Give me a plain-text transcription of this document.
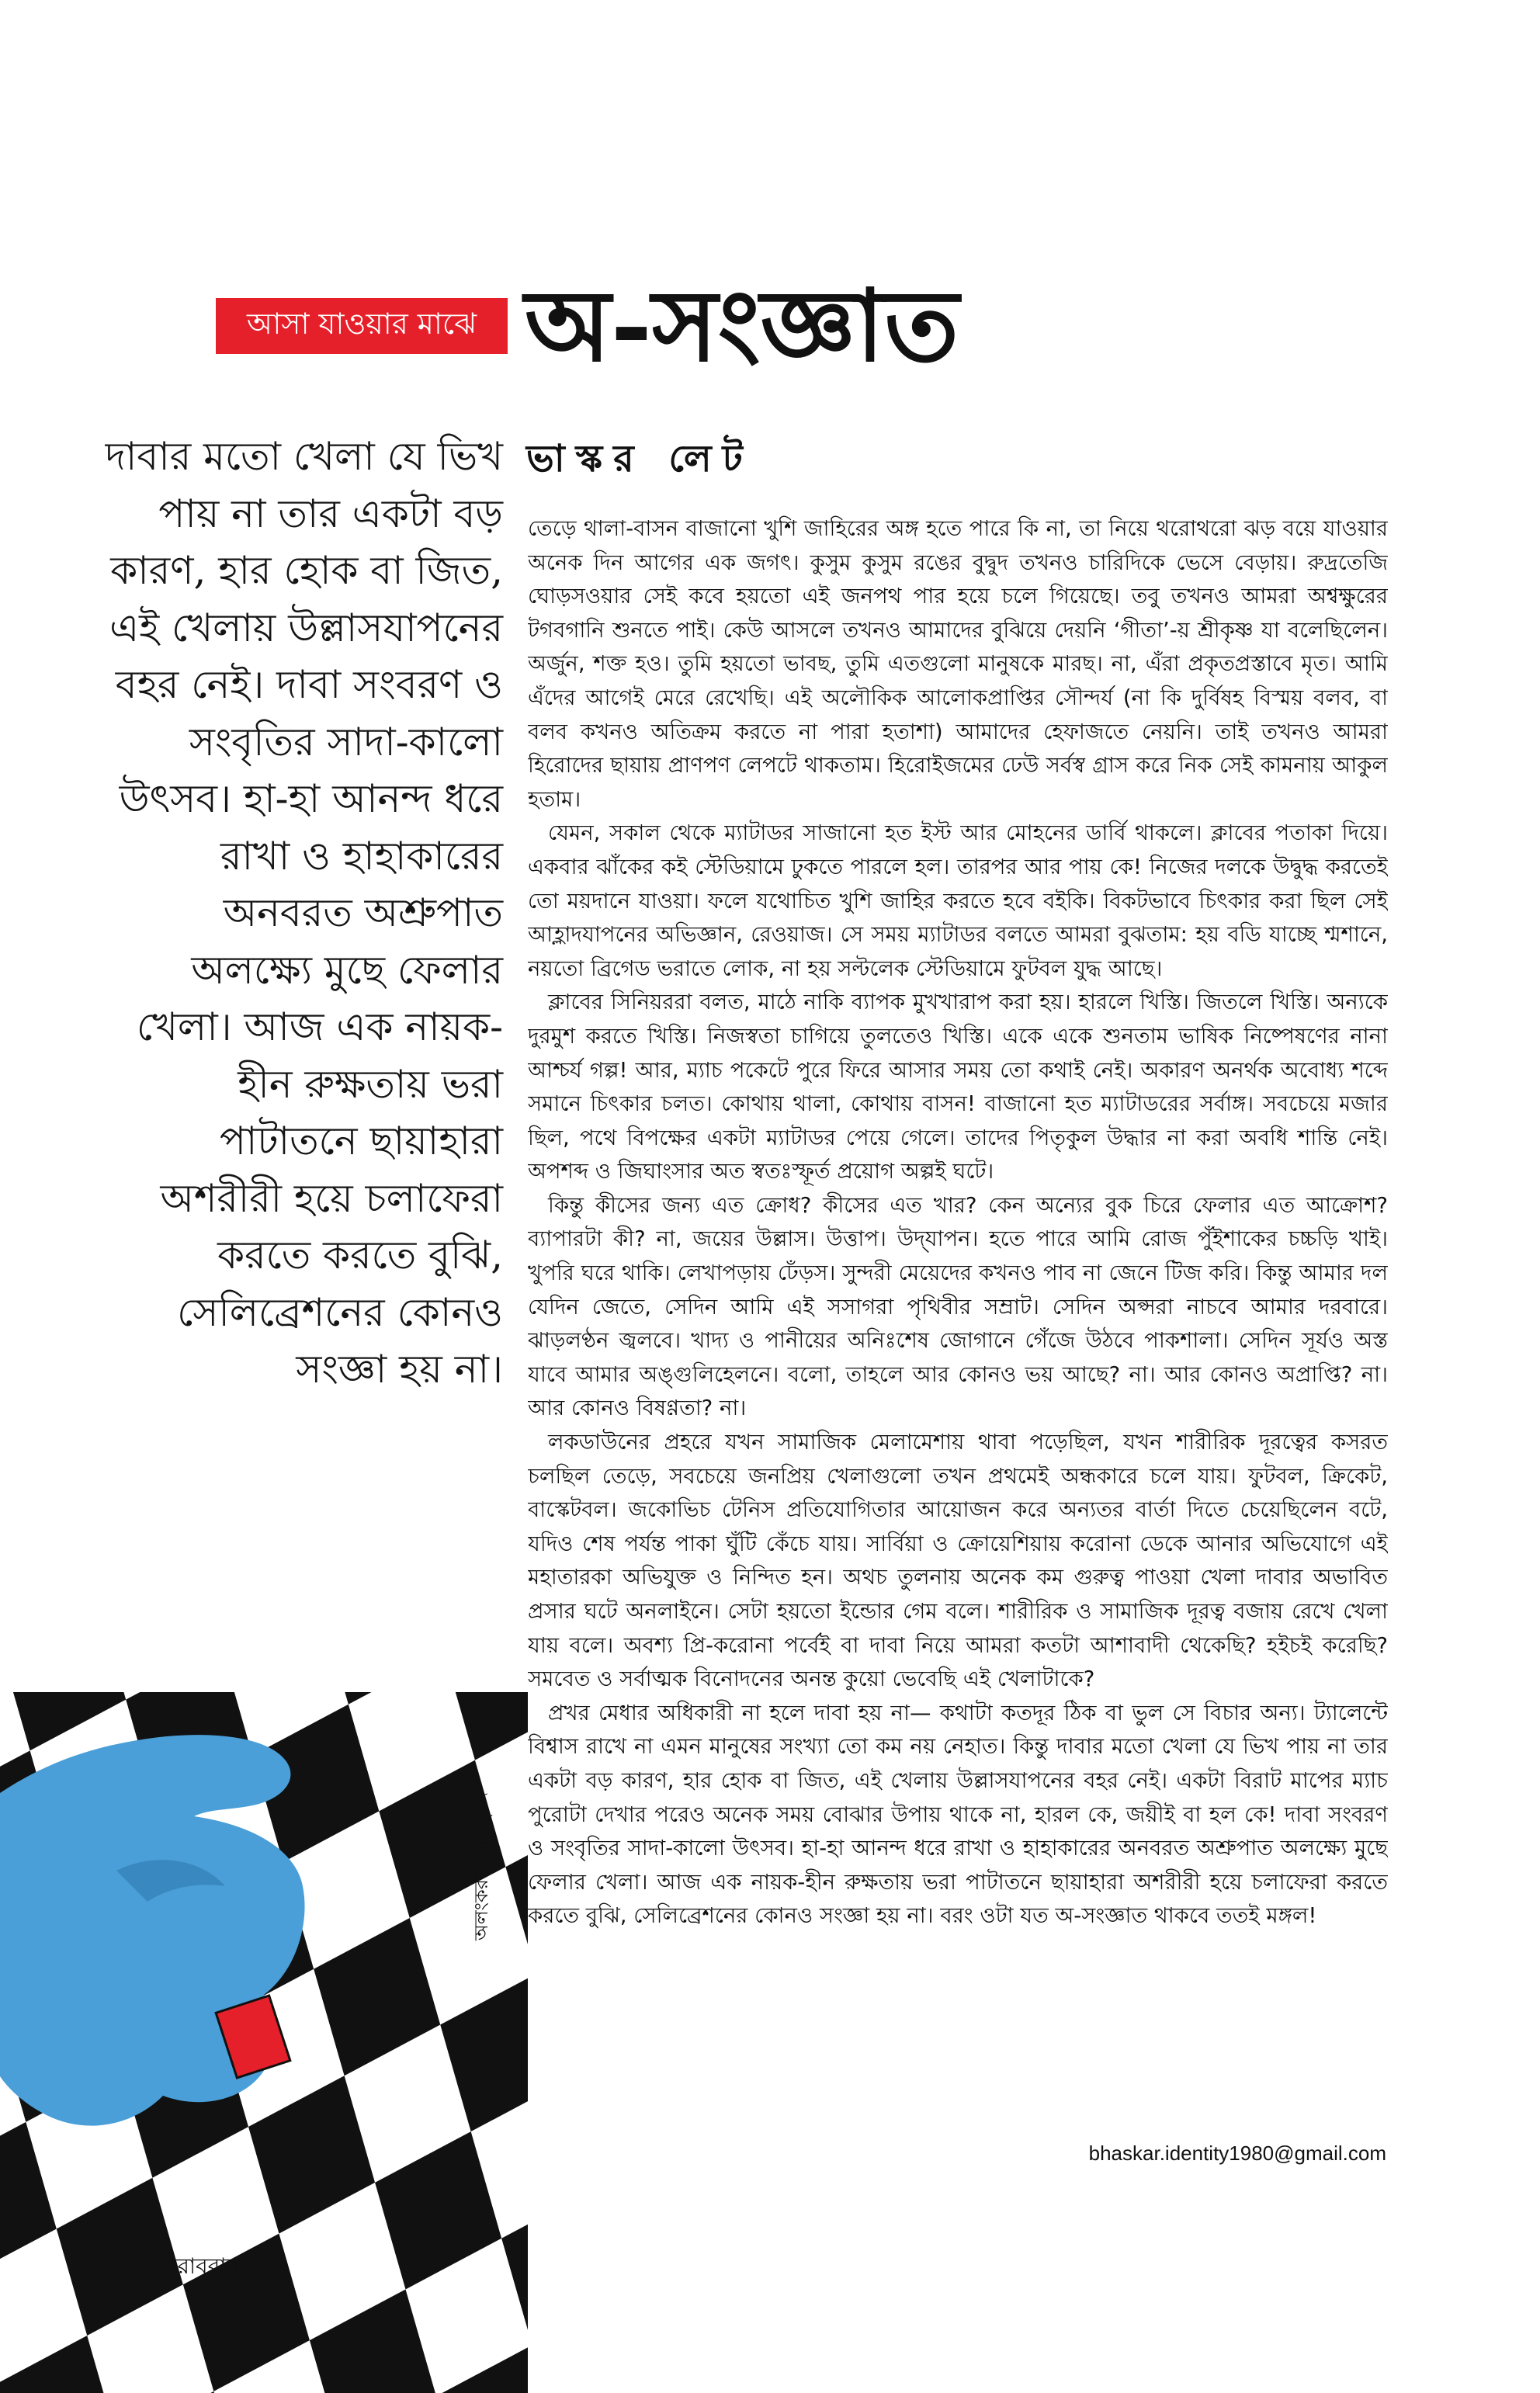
আসা যাওয়ার মাঝে অ-সংজ্ঞাত
ভাস্কর লেট
দাবার মতো খেলা যে ভিখ পায় না তার একটা বড় কারণ, হার হোক বা জিত, এই খেলায় উল্লাসযাপনের বহর নেই। দাবা সংবরণ ও সংবৃতির সাদা-কালো উৎসব। হা-হা আনন্দ ধরে রাখা ও হাহাকারের অনবরত অশ্রুপাত অলক্ষ্যে মুছে ফেলার খেলা। আজ এক নায়ক-হীন রুক্ষতায় ভরা পাটাতনে ছায়াহারা অশরীরী হয়ে চলাফেরা করতে করতে বুঝি, সেলিব্রেশনের কোনও সংজ্ঞা হয় না।

তেড়ে থালা-বাসন বাজানো খুশি জাহিরের অঙ্গ হতে পারে কি না, তা নিয়ে থরোথরো ঝড় বয়ে যাওয়ার অনেক দিন আগের এক জগৎ। কুসুম কুসুম রঙের বুদ্বুদ তখনও চারিদিকে ভেসে বেড়ায়। রুদ্রতেজি ঘোড়সওয়ার সেই কবে হয়তো এই জনপথ পার হয়ে চলে গিয়েছে। তবু তখনও আমরা অশ্বক্ষুরের টগবগানি শুনতে পাই। কেউ আসলে তখনও আমাদের বুঝিয়ে দেয়নি ‘গীতা’-য় শ্রীকৃষ্ণ যা বলেছিলেন। অর্জুন, শক্ত হও। তুমি হয়তো ভাবছ, তুমি এতগুলো মানুষকে মারছ। না, এঁরা প্রকৃতপ্রস্তাবে মৃত। আমি এঁদের আগেই মেরে রেখেছি। এই অলৌকিক আলোকপ্রাপ্তির সৌন্দর্য (না কি দুর্বিষহ বিস্ময় বলব, বা বলব কখনও অতিক্রম করতে না পারা হতাশা) আমাদের হেফাজতে নেয়নি। তাই তখনও আমরা হিরোদের ছায়ায় প্রাণপণ লেপটে থাকতাম। হিরোইজমের ঢেউ সর্বস্ব গ্রাস করে নিক সেই কামনায় আকুল হতাম।

যেমন, সকাল থেকে ম্যাটাডর সাজানো হত ইস্ট আর মোহনের ডার্বি থাকলে। ক্লাবের পতাকা দিয়ে। একবার ঝাঁকের কই স্টেডিয়ামে ঢুকতে পারলে হল। তারপর আর পায় কে! নিজের দলকে উদ্বুদ্ধ করতেই তো ময়দানে যাওয়া। ফলে যথোচিত খুশি জাহির করতে হবে বইকি। বিকটভাবে চিৎকার করা ছিল সেই আহ্লাদযাপনের অভিজ্ঞান, রেওয়াজ। সে সময় ম্যাটাডর বলতে আমরা বুঝতাম: হয় বডি যাচ্ছে শ্মশানে, নয়তো ব্রিগেড ভরাতে লোক, না হয় সল্টলেক স্টেডিয়ামে ফুটবল যুদ্ধ আছে।

ক্লাবের সিনিয়ররা বলত, মাঠে নাকি ব্যাপক মুখখারাপ করা হয়। হারলে খিস্তি। জিতলে খিস্তি। অন্যকে দুরমুশ করতে খিস্তি। নিজস্বতা চাগিয়ে তুলতেও খিস্তি। একে একে শুনতাম ভাষিক নিষ্পেষণের নানা আশ্চর্য গল্প! আর, ম্যাচ পকেটে পুরে ফিরে আসার সময় তো কথাই নেই। অকারণ অনর্থক অবোধ্য শব্দে সমানে চিৎকার চলত। কোথায় থালা, কোথায় বাসন! বাজানো হত ম্যাটাডরের সর্বাঙ্গ। সবচেয়ে মজার ছিল, পথে বিপক্ষের একটা ম্যাটাডর পেয়ে গেলে। তাদের পিতৃকুল উদ্ধার না করা অবধি শান্তি নেই। অপশব্দ ও জিঘাংসার অত স্বতঃস্ফূর্ত প্রয়োগ অল্পই ঘটে।

কিন্তু কীসের জন্য এত ক্রোধ? কীসের এত খার? কেন অন্যের বুক চিরে ফেলার এত আক্রোশ? ব্যাপারটা কী? না, জয়ের উল্লাস। উত্তাপ। উদ্‌যাপন। হতে পারে আমি রোজ পুঁইশাকের চচ্চড়ি খাই। খুপরি ঘরে থাকি। লেখাপড়ায় ঢেঁড়স। সুন্দরী মেয়েদের কখনও পাব না জেনে টিজ করি। কিন্তু আমার দল যেদিন জেতে, সেদিন আমি এই সসাগরা পৃথিবীর সম্রাট। সেদিন অপ্সরা নাচবে আমার দরবারে। ঝাড়লণ্ঠন জ্বলবে। খাদ্য ও পানীয়ের অনিঃশেষ জোগানে গেঁজে উঠবে পাকশালা। সেদিন সূর্যও অস্ত যাবে আমার অঙ্গুলিহেলনে। বলো, তাহলে আর কোনও ভয় আছে? না। আর কোনও অপ্রাপ্তি? না। আর কোনও বিষণ্ণতা? না।

লকডাউনের প্রহরে যখন সামাজিক মেলামেশায় থাবা পড়েছিল, যখন শারীরিক দূরত্বের কসরত চলছিল তেড়ে, সবচেয়ে জনপ্রিয় খেলাগুলো তখন প্রথমেই অন্ধকারে চলে যায়। ফুটবল, ক্রিকেট, বাস্কেটবল। জকোভিচ টেনিস প্রতিযোগিতার আয়োজন করে অন্যতর বার্তা দিতে চেয়েছিলেন বটে, যদিও শেষ পর্যন্ত পাকা ঘুঁটি কেঁচে যায়। সার্বিয়া ও ক্রোয়েশিয়ায় করোনা ডেকে আনার অভিযোগে এই মহাতারকা অভিযুক্ত ও নিন্দিত হন। অথচ তুলনায় অনেক কম গুরুত্ব পাওয়া খেলা দাবার অভাবিত প্রসার ঘটে অনলাইনে। সেটা হয়তো ইন্ডোর গেম বলে। শারীরিক ও সামাজিক দূরত্ব বজায় রেখে খেলা যায় বলে। অবশ্য প্রি-করোনা পর্বেই বা দাবা নিয়ে আমরা কতটা আশাবাদী থেকেছি? হইচই করেছি? সমবেত ও সর্বাত্মক বিনোদনের অনন্ত কুয়ো ভেবেছি এই খেলাটাকে?

প্রখর মেধার অধিকারী না হলে দাবা হয় না— কথাটা কতদূর ঠিক বা ভুল সে বিচার অন্য। ট্যালেন্টে বিশ্বাস রাখে না এমন মানুষের সংখ্যা তো কম নয় নেহাত। কিন্তু দাবার মতো খেলা যে ভিখ পায় না তার একটা বড় কারণ, হার হোক বা জিত, এই খেলায় উল্লাসযাপনের বহর নেই। একটা বিরাট মাপের ম্যাচ পুরোটা দেখার পরেও অনেক সময় বোঝার উপায় থাকে না, হারল কে, জয়ীই বা হল কে! দাবা সংবরণ ও সংবৃতির সাদা-কালো উৎসব। হা-হা আনন্দ ধরে রাখা ও হাহাকারের অনবরত অশ্রুপাত অলক্ষ্যে মুছে ফেলার খেলা। আজ এক নায়ক-হীন রুক্ষতায় ভরা পাটাতনে ছায়াহারা অশরীরী হয়ে চলাফেরা করতে করতে বুঝি, সেলিব্রেশনের কোনও সংজ্ঞা হয় না। বরং ওটা যত অ-সংজ্ঞাত থাকবে ততই মঙ্গল!

bhaskar.identity1980@gmail.com
অলংকরণ: শান্তনু দে
৩৪ রোববার
